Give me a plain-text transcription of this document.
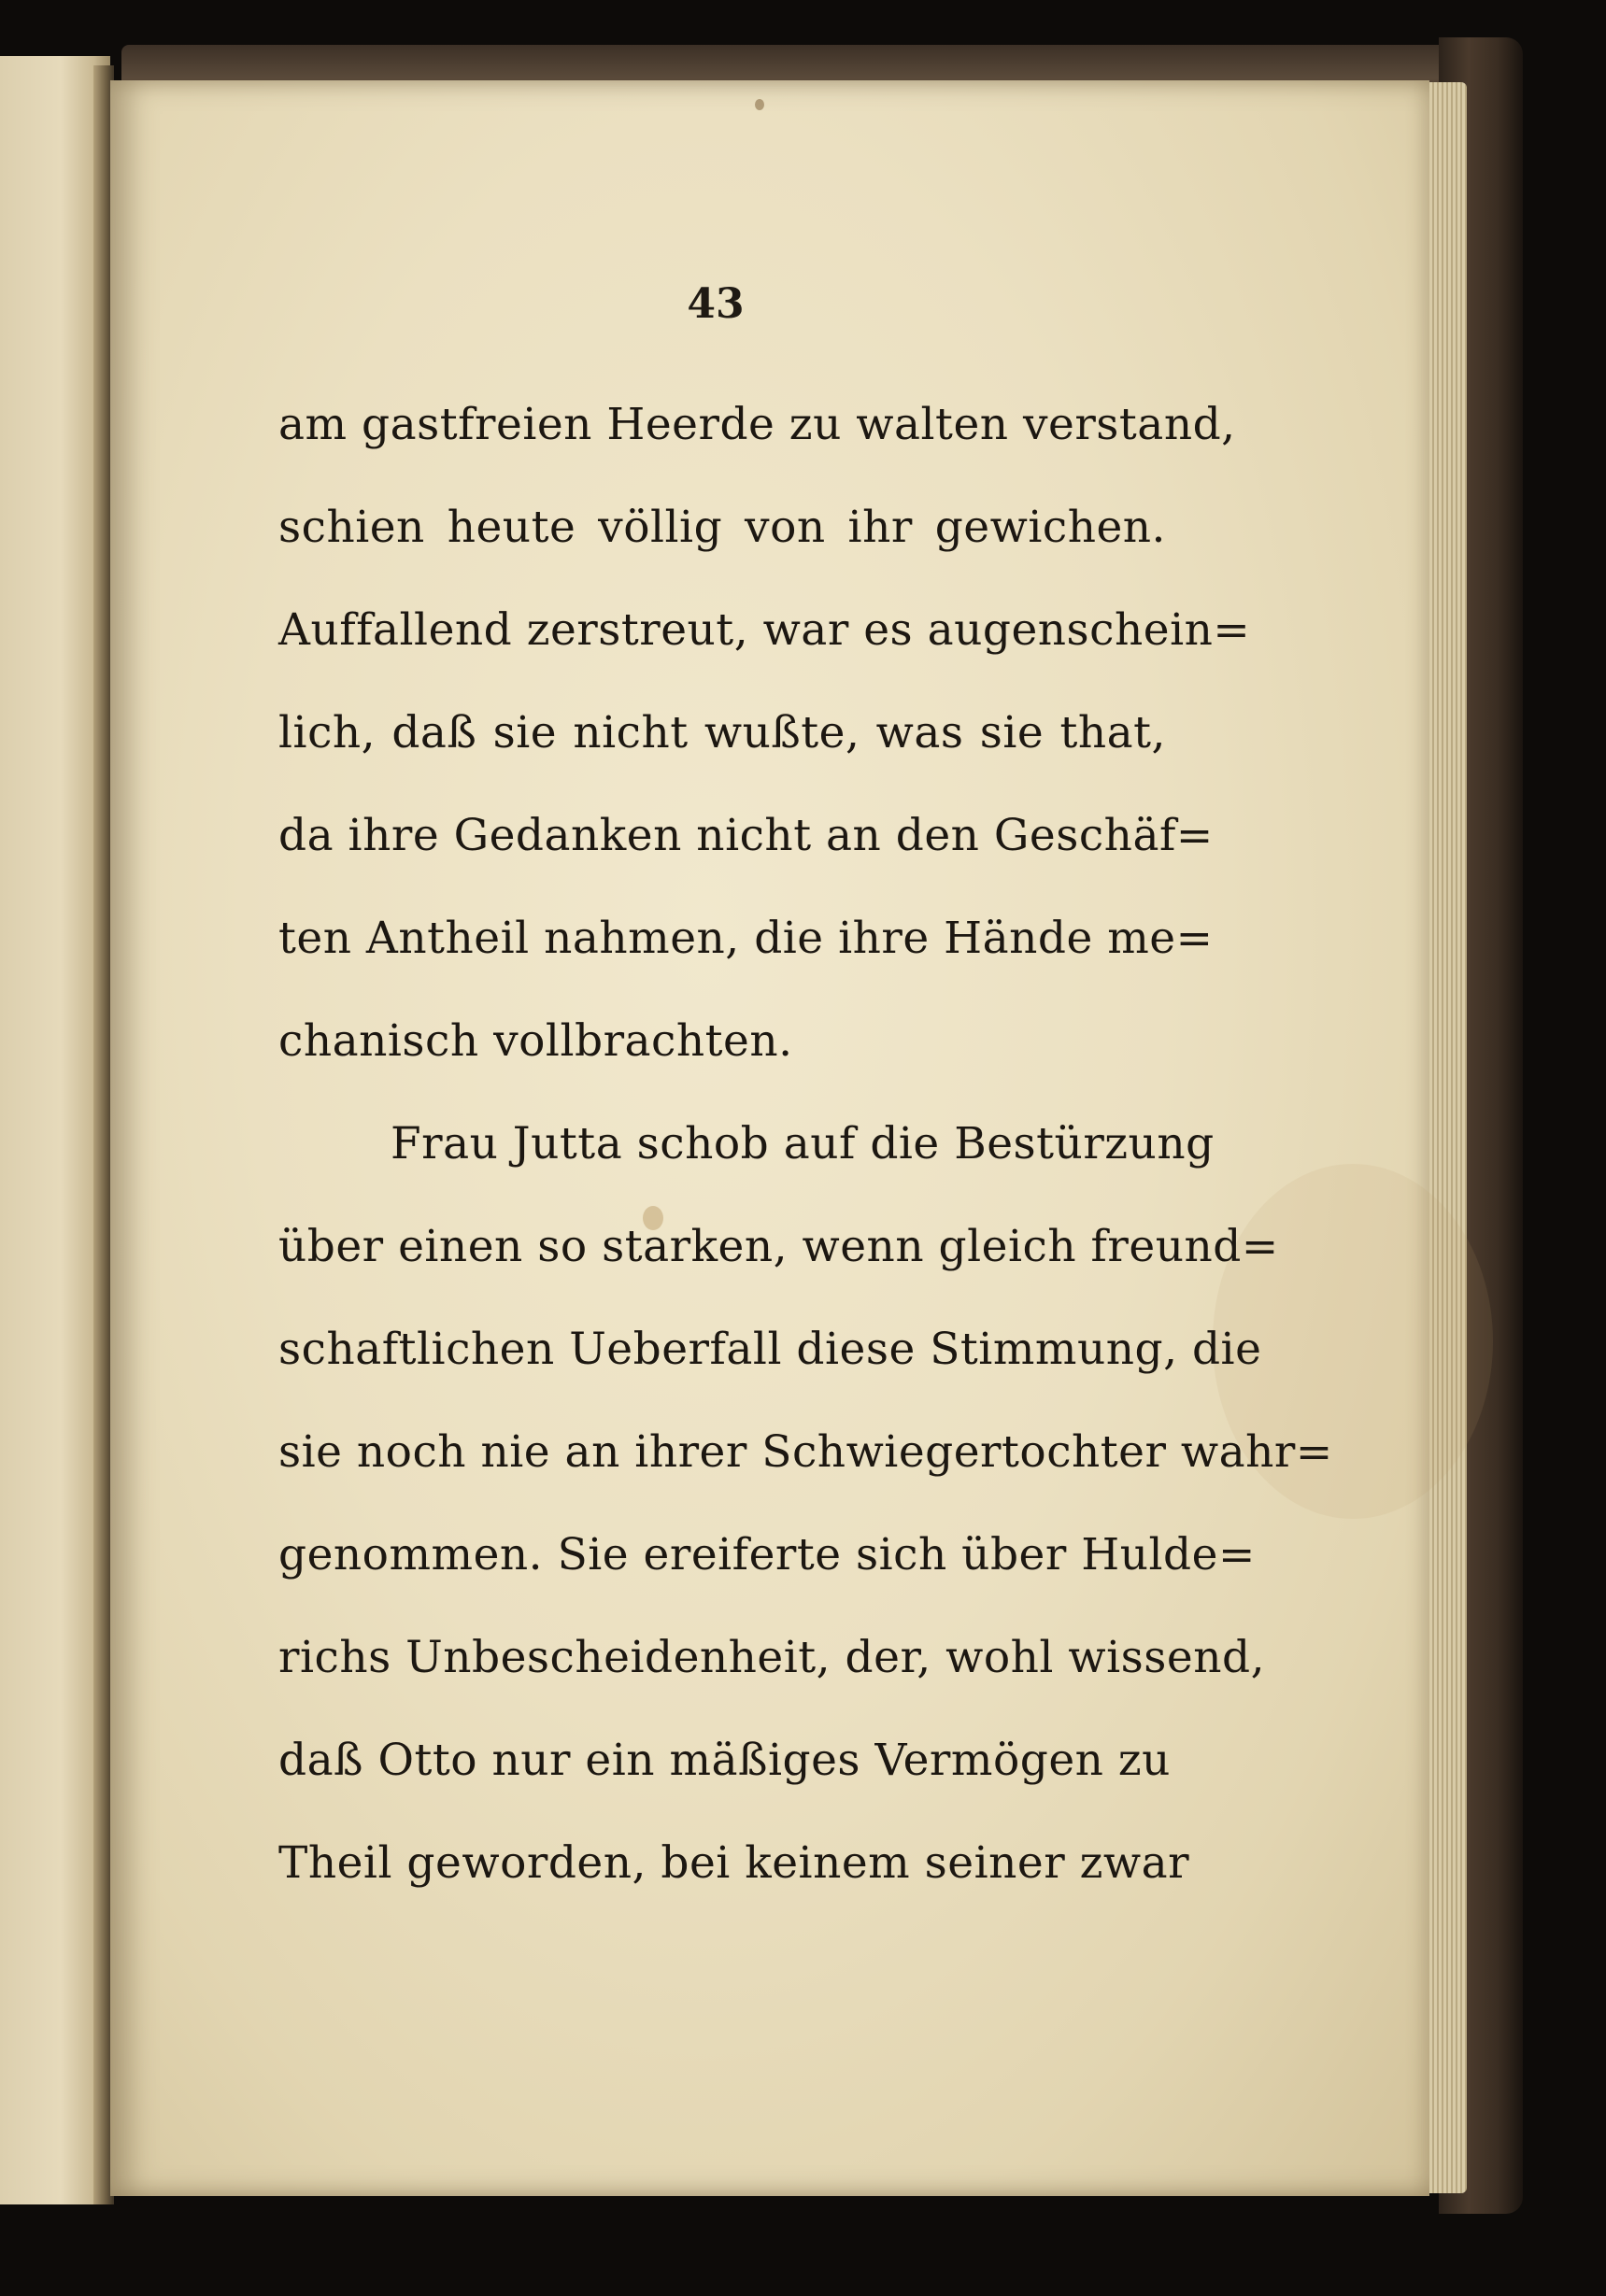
43
am gastfreien Heerde zu walten verstand,
schien heute völlig von ihr gewichen.
Auffallend zerstreut, war es augenschein=
lich, daß sie nicht wußte, was sie that,
da ihre Gedanken nicht an den Geschäf=
ten Antheil nahmen, die ihre Hände me=
chanisch vollbrachten.
Frau Jutta schob auf die Bestürzung
über einen so starken, wenn gleich freund=
schaftlichen Ueberfall diese Stimmung, die
sie noch nie an ihrer Schwiegertochter wahr=
genommen. Sie ereiferte sich über Hulde=
richs Unbescheidenheit, der, wohl wissend,
daß Otto nur ein mäßiges Vermögen zu
Theil geworden, bei keinem seiner zwar
